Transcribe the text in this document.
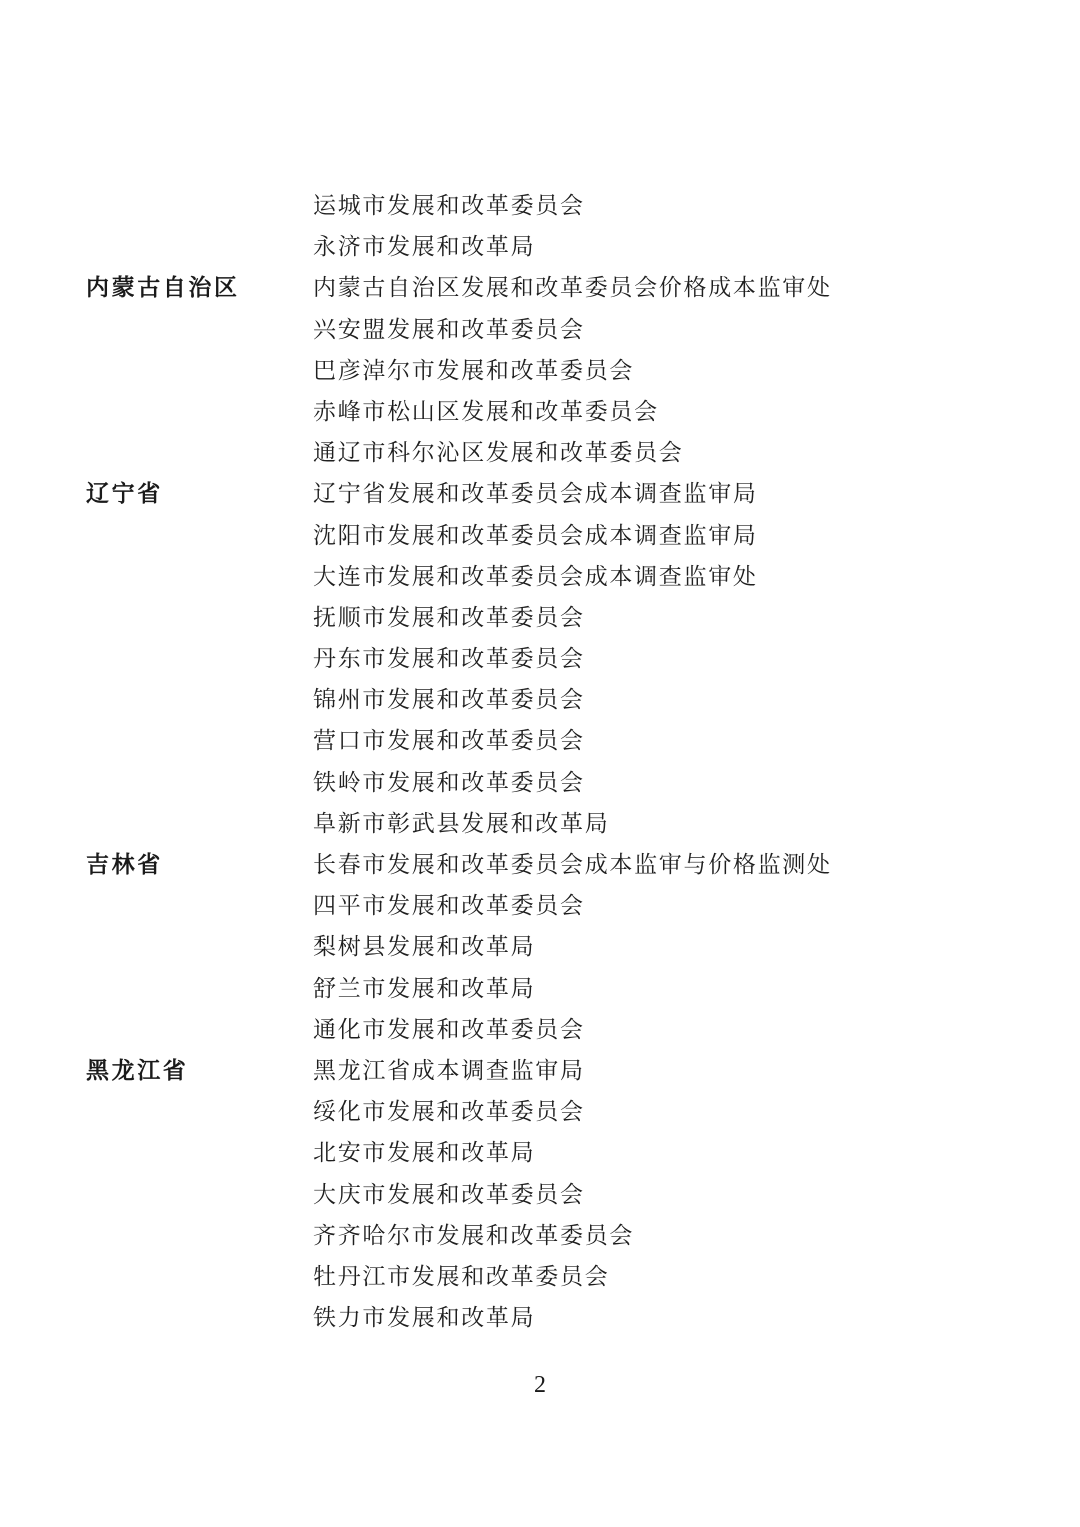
运城市发展和改革委员会
永济市发展和改革局
内蒙古自治区	内蒙古自治区发展和改革委员会价格成本监审处
兴安盟发展和改革委员会
巴彦淖尔市发展和改革委员会
赤峰市松山区发展和改革委员会
通辽市科尔沁区发展和改革委员会
辽宁省	辽宁省发展和改革委员会成本调查监审局
沈阳市发展和改革委员会成本调查监审局
大连市发展和改革委员会成本调查监审处
抚顺市发展和改革委员会
丹东市发展和改革委员会
锦州市发展和改革委员会
营口市发展和改革委员会
铁岭市发展和改革委员会
阜新市彰武县发展和改革局
吉林省	长春市发展和改革委员会成本监审与价格监测处
四平市发展和改革委员会
梨树县发展和改革局
舒兰市发展和改革局
通化市发展和改革委员会
黑龙江省	黑龙江省成本调查监审局
绥化市发展和改革委员会
北安市发展和改革局
大庆市发展和改革委员会
齐齐哈尔市发展和改革委员会
牡丹江市发展和改革委员会
铁力市发展和改革局
2
